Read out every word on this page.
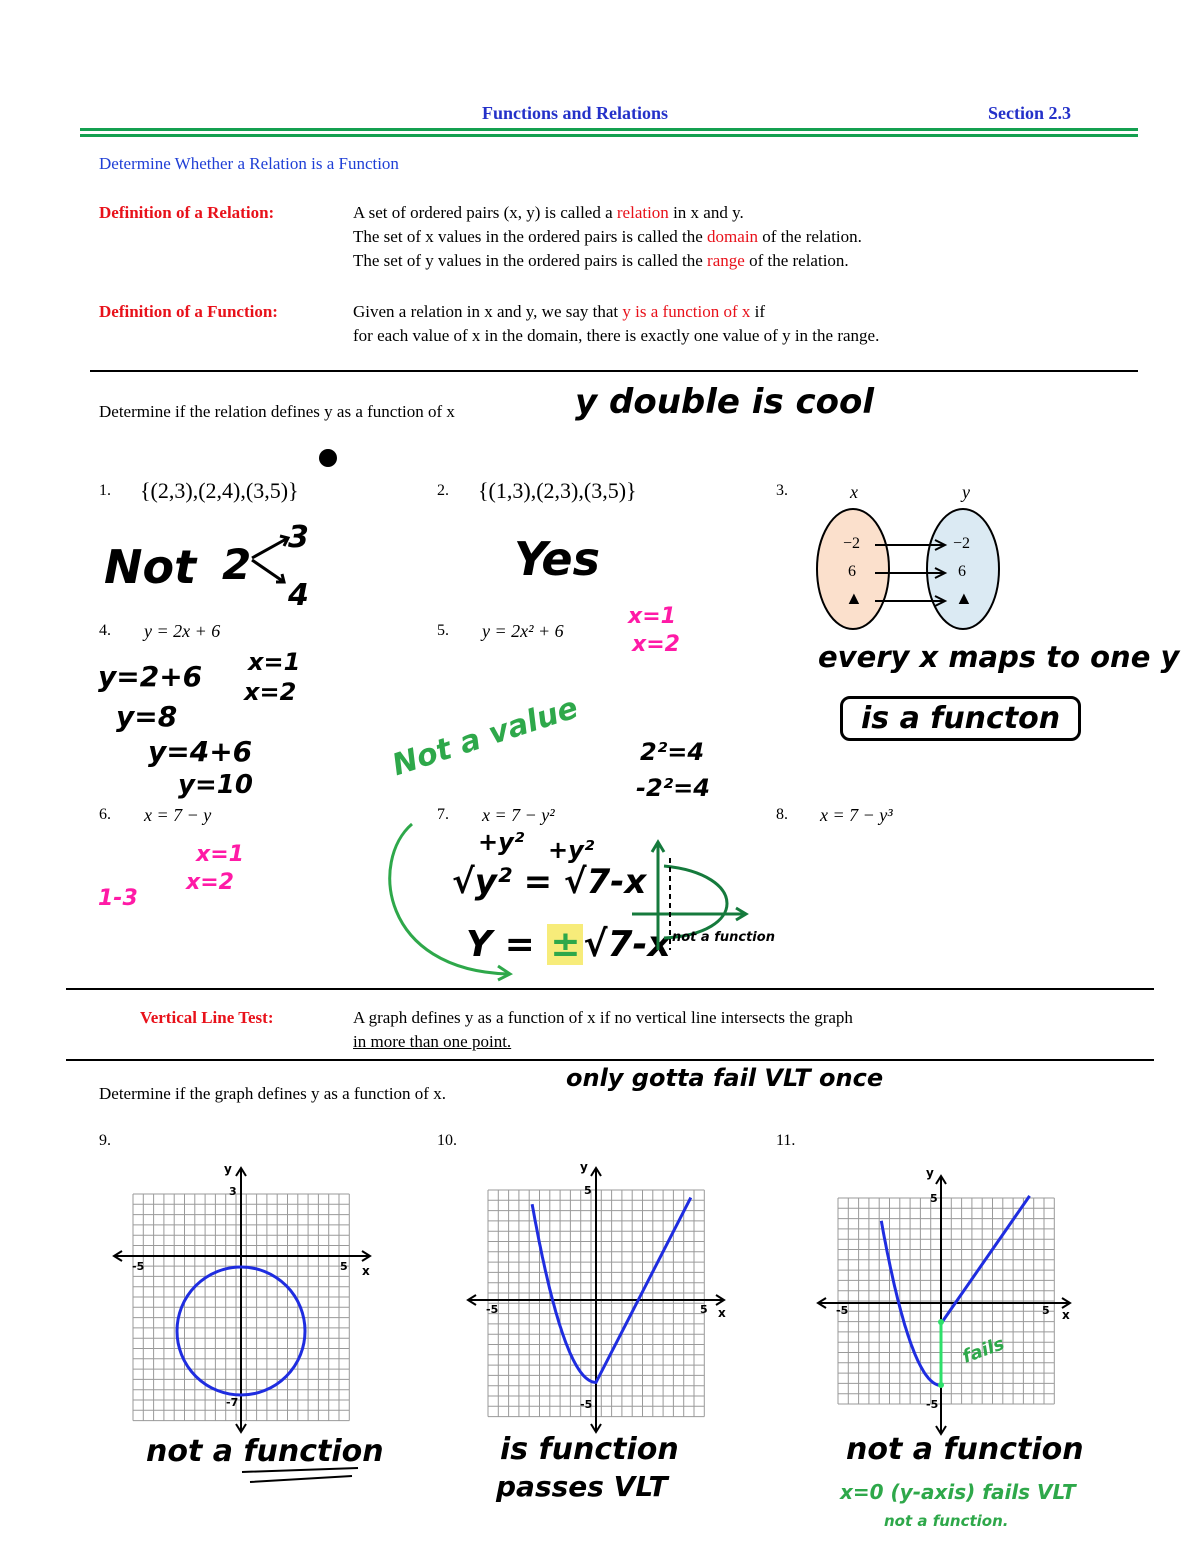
Functions and Relations	Section 2.3
Determine Whether a Relation is a Function
Definition of a Relation:	A set of ordered pairs (x, y) is called a relation in x and y.
The set of x values in the ordered pairs is called the domain of the relation.
The set of y values in the ordered pairs is called the range of the relation.
Definition of a Function:	Given a relation in x and y, we say that y is a function of x if
for each value of x in the domain, there is exactly one value of y in the range.
Determine if the relation defines y as a function of x	y double is cool
1. {(2,3),(2,4),(3,5)}
Not 2
3
4
2. {(1,3),(2,3),(3,5)}
Yes
3.	x	y
−2
6
▲
−2
6
▲
every x maps to one y
is a functon
4. y = 2x + 6
y=2+6
y=8
y=4+6
y=10
x=1
x=2
5. y = 2x² + 6
x=1
x=2
2²=4
-2²=4
Not a value
6. x = 7 − y
x=1
x=2
1-3
7. x = 7 − y²
+y² +y²
√y² = √7-x
Y = ±√7-x not a function
8. x = 7 − y³
Vertical Line Test:	A graph defines y as a function of x if no vertical line intersects the graph
in more than one point.
Determine if the graph defines y as a function of x.
only gotta fail VLT once
9.
y
3
-7
-5	5 x
not a function
10.
y
5
-5
-5	5 x
is function
passes VLT
11.
y
5
-5
-5	5 x
fails
not a function
x=0 (y-axis) fails VLT
not a function.
